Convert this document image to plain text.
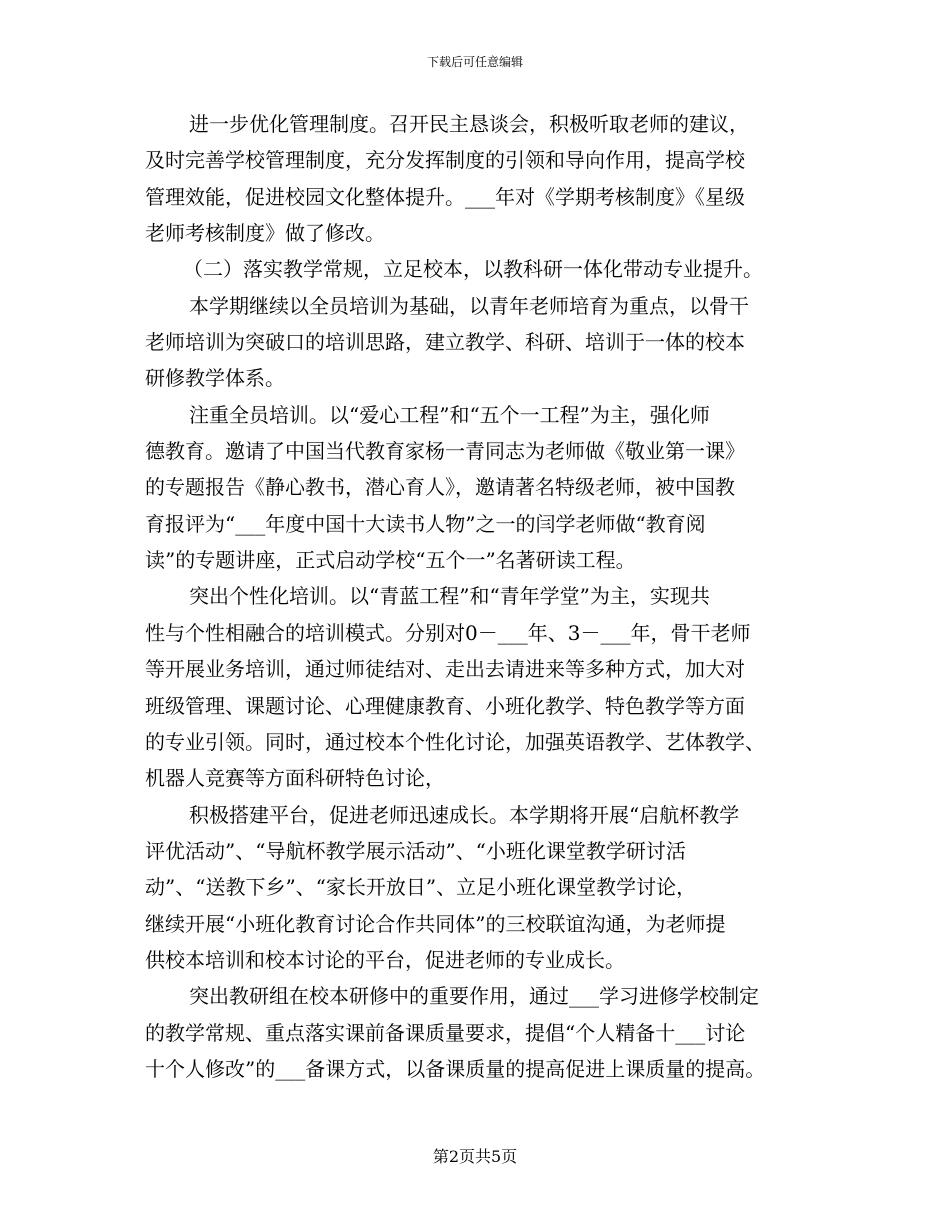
下载后可任意编辑
进一步优化管理制度。召开民主恳谈会，积极听取老师的建议，
及时完善学校管理制度，充分发挥制度的引领和导向作用，提高学校
管理效能，促进校园文化整体提升。___年对《学期考核制度》《星级
老师考核制度》做了修改。
（二）落实教学常规，立足校本，以教科研一体化带动专业提升。
本学期继续以全员培训为基础，以青年老师培育为重点，以骨干
老师培训为突破口的培训思路，建立教学、科研、培训于一体的校本
研修教学体系。
注重全员培训。以“爱心工程”和“五个一工程”为主，强化师
德教育。邀请了中国当代教育家杨一青同志为老师做《敬业第一课》
的专题报告《静心教书，潜心育人》，邀请著名特级老师，被中国教
育报评为“___年度中国十大读书人物”之一的闫学老师做“教育阅
读”的专题讲座，正式启动学校“五个一”名著研读工程。
突出个性化培训。以“青蓝工程”和“青年学堂”为主，实现共
性与个性相融合的培训模式。分别对0－___年、3－___年，骨干老师
等开展业务培训，通过师徒结对、走出去请进来等多种方式，加大对
班级管理、课题讨论、心理健康教育、小班化教学、特色教学等方面
的专业引领。同时，通过校本个性化讨论，加强英语教学、艺体教学、
机器人竞赛等方面科研特色讨论，
积极搭建平台，促进老师迅速成长。本学期将开展“启航杯教学
评优活动”、“导航杯教学展示活动”、“小班化课堂教学研讨活
动”、“送教下乡”、“家长开放日”、立足小班化课堂教学讨论，
继续开展“小班化教育讨论合作共同体”的三校联谊沟通，为老师提
供校本培训和校本讨论的平台，促进老师的专业成长。
突出教研组在校本研修中的重要作用，通过___学习进修学校制定
的教学常规、重点落实课前备课质量要求，提倡“个人精备十___讨论
十个人修改”的___备课方式，以备课质量的提高促进上课质量的提高。
第2页共5页
